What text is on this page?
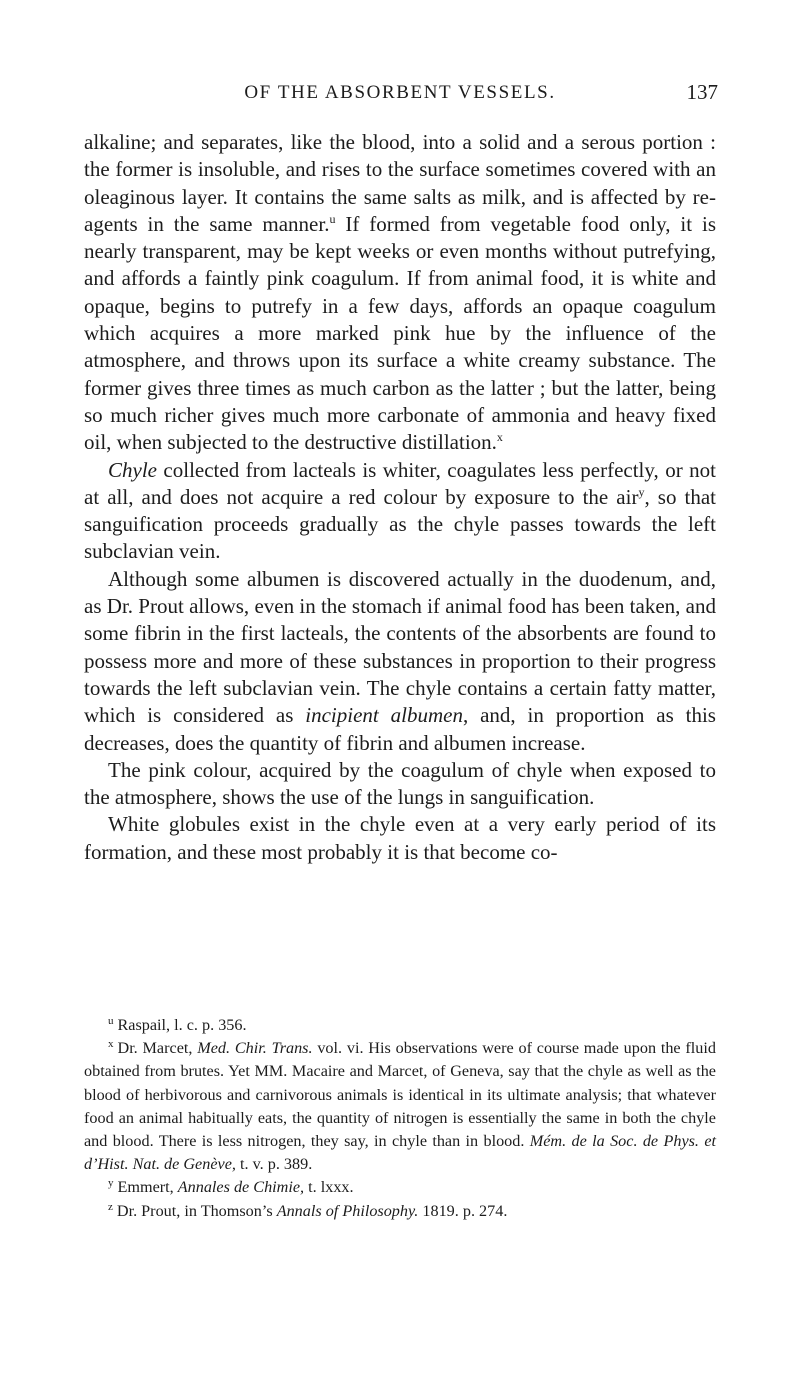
OF THE ABSORBENT VESSELS.	137

alkaline; and separates, like the blood, into a solid and a serous portion : the former is insoluble, and rises to the surface sometimes covered with an oleaginous layer. It contains the same salts as milk, and is affected by re-agents in the same manner.$^u$ If formed from vegetable food only, it is nearly transparent, may be kept weeks or even months without putrefying, and affords a faintly pink coagulum. If from animal food, it is white and opaque, begins to putrefy in a few days, affords an opaque coagulum which acquires a more marked pink hue by the influence of the atmosphere, and throws upon its surface a white creamy substance. The former gives three times as much carbon as the latter ; but the latter, being so much richer gives much more carbonate of ammonia and heavy fixed oil, when subjected to the destructive distillation.$^x$

Chyle collected from lacteals is whiter, coagulates less perfectly, or not at all, and does not acquire a red colour by exposure to the air$^y$, so that sanguification proceeds gradually as the chyle passes towards the left subclavian vein.

Although some albumen is discovered actually in the duodenum, and, as Dr. Prout allows, even in the stomach if animal food has been taken, and some fibrin in the first lacteals, the contents of the absorbents are found to possess more and more of these substances in proportion to their progress towards the left subclavian vein. The chyle contains a certain fatty matter, which is considered as incipient albumen, and, in proportion as this decreases, does the quantity of fibrin and albumen increase.

The pink colour, acquired by the coagulum of chyle when exposed to the atmosphere, shows the use of the lungs in sanguification.

White globules exist in the chyle even at a very early period of its formation, and these most probably it is that become co-

$^u$ Raspail, l. c. p. 356.

$^x$ Dr. Marcet, Med. Chir. Trans. vol. vi. His observations were of course made upon the fluid obtained from brutes. Yet MM. Macaire and Marcet, of Geneva, say that the chyle as well as the blood of herbivorous and carnivorous animals is identical in its ultimate analysis; that whatever food an animal habitually eats, the quantity of nitrogen is essentially the same in both the chyle and blood. There is less nitrogen, they say, in chyle than in blood. Mém. de la Soc. de Phys. et d’Hist. Nat. de Genève, t. v. p. 389.

$^y$ Emmert, Annales de Chimie, t. lxxx.

$^z$ Dr. Prout, in Thomson’s Annals of Philosophy. 1819. p. 274.
